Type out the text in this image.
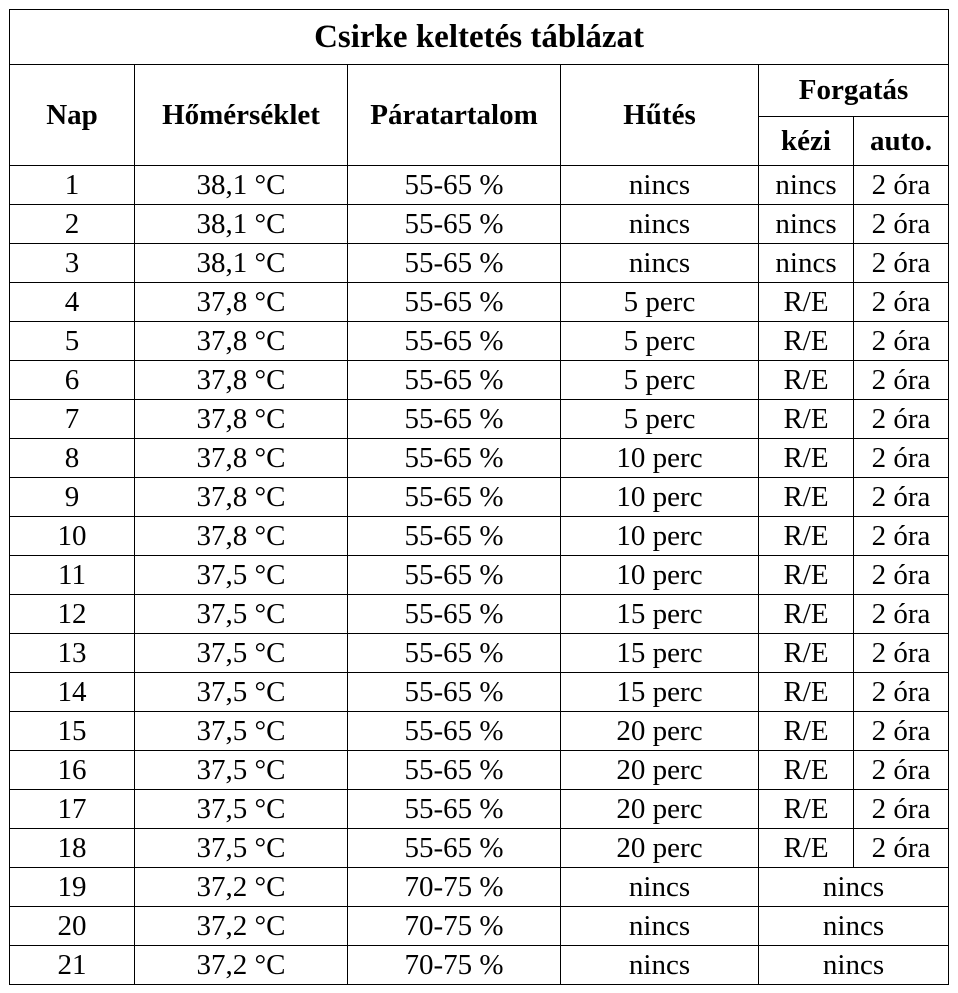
Csirke keltetés táblázat					
Nap	Hőmérséklet	Páratartalom	Hűtés	Forgatás	
				kézi	auto.
1	38,1 °C	55-65 %	nincs	nincs	2 óra
2	38,1 °C	55-65 %	nincs	nincs	2 óra
3	38,1 °C	55-65 %	nincs	nincs	2 óra
4	37,8 °C	55-65 %	5 perc	R/E	2 óra
5	37,8 °C	55-65 %	5 perc	R/E	2 óra
6	37,8 °C	55-65 %	5 perc	R/E	2 óra
7	37,8 °C	55-65 %	5 perc	R/E	2 óra
8	37,8 °C	55-65 %	10 perc	R/E	2 óra
9	37,8 °C	55-65 %	10 perc	R/E	2 óra
10	37,8 °C	55-65 %	10 perc	R/E	2 óra
11	37,5 °C	55-65 %	10 perc	R/E	2 óra
12	37,5 °C	55-65 %	15 perc	R/E	2 óra
13	37,5 °C	55-65 %	15 perc	R/E	2 óra
14	37,5 °C	55-65 %	15 perc	R/E	2 óra
15	37,5 °C	55-65 %	20 perc	R/E	2 óra
16	37,5 °C	55-65 %	20 perc	R/E	2 óra
17	37,5 °C	55-65 %	20 perc	R/E	2 óra
18	37,5 °C	55-65 %	20 perc	R/E	2 óra
19	37,2 °C	70-75 %	nincs	nincs	
20	37,2 °C	70-75 %	nincs	nincs	
21	37,2 °C	70-75 %	nincs	nincs	
